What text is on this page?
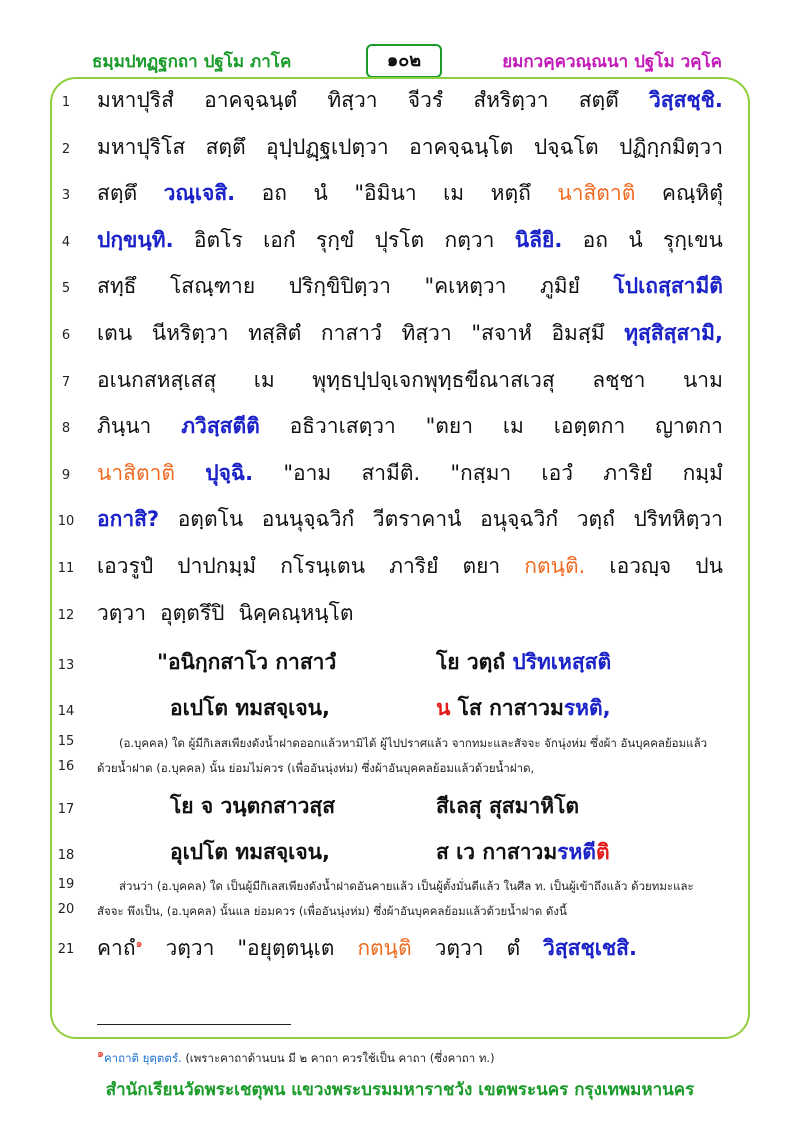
ธมฺมปทฏฺฐกถา ปฐโม ภาโค	๑๐๒	ยมกวคฺควณฺณนา ปฐโม วคฺโค
1 มหาปุริสํ อาคจฺฉนฺตํ ทิสฺวา จีวรํ สํหริตฺวา สตฺตึ วิสฺสชฺชิ.
2 มหาปุริโส สตฺตึ อุปฺปฏฺฐเปตฺวา อาคจฺฉนฺโต ปจฺฉโต ปฏิกฺกมิตฺวา
3 สตฺตึ วณฺเจสิ. อถ นํ "อิมินา เม หตฺถึ นาสิตาติ คณฺหิตุํ
4 ปกฺขนฺทิ. อิตโร เอกํ รุกฺขํ ปุรโต กตฺวา นิลียิ. อถ นํ รุกฺเขน
5 สทฺธึ โสณฺฑาย ปริกฺขิปิตฺวา "คเหตฺวา ภูมิยํ โปเถสฺสามีติ
6 เตน นีหริตฺวา ทสฺสิตํ กาสาวํ ทิสฺวา "สจาหํ อิมสฺมึ ทุสฺสิสฺสามิ,
7 อเนกสหสฺเสสุ เม พุทฺธปฺปจฺเจกพุทฺธขีณาสเวสุ ลชฺชา นาม
8 ภินฺนา ภวิสฺสตีติ อธิวาเสตฺวา "ตยา เม เอตฺตกา ญาตกา
9 นาสิตาติ ปุจฺฉิ. "อาม สามีติ. "กสฺมา เอวํ ภาริยํ กมฺมํ
10 อกาสิ? อตฺตโน อนนุจฺฉวิกํ วีตราคานํ อนุจฺฉวิกํ วตฺถํ ปริทหิตฺวา
11 เอวรูปํ ปาปกมฺมํ กโรนฺเตน ภาริยํ ตยา กตนฺติ. เอวญฺจ ปน
12 วตฺวา อุตฺตรึปิ นิคฺคณฺหนฺโต
13	"อนิกฺกสาโว กาสาวํ	โย วตฺถํ ปริทเหสฺสติ
14	อเปโต ทมสจฺเจน,	น โส กาสาวมรหติ,
15	(อ.บุคคล) ใด ผู้มีกิเลสเพียงดังน้ำฝาดออกแล้วหามิได้ ผู้ไปปราศแล้ว จากทมะและสัจจะ จักนุ่งห่ม ซึ่งผ้า อันบุคคลย้อมแล้ว
16 ด้วยน้ำฝาด (อ.บุคคล) นั้น ย่อมไม่ควร (เพื่ออันนุ่งห่ม) ซึ่งผ้าอันบุคคลย้อมแล้วด้วยน้ำฝาด,
17	โย จ วนฺตกสาวสฺส	สีเลสุ สุสมาหิโต
18	อุเปโต ทมสจฺเจน,	ส เว กาสาวมรหตีติ
19	ส่วนว่า (อ.บุคคล) ใด เป็นผู้มีกิเลสเพียงดังน้ำฝาดอันคายแล้ว เป็นผู้ตั้งมั่นดีแล้ว ในศีล ท. เป็นผู้เข้าถึงแล้ว ด้วยทมะและ
20 สัจจะ พึงเป็น, (อ.บุคคล) นั้นแล ย่อมควร (เพื่ออันนุ่งห่ม) ซึ่งผ้าอันบุคคลย้อมแล้วด้วยน้ำฝาด ดังนี้
21 คาถํ$^๑$ วตฺวา "อยุตฺตนฺเต กตนฺติ วตฺวา ตํ วิสฺสชฺเชสิ.
$^๑$คาถาติ ยุตฺตตรํ. (เพราะคาถาด้านบน มี ๒ คาถา ควรใช้เป็น คาถา (ซึ่งคาถา ท.)
สำนักเรียนวัดพระเชตุพน แขวงพระบรมมหาราชวัง เขตพระนคร กรุงเทพมหานคร
